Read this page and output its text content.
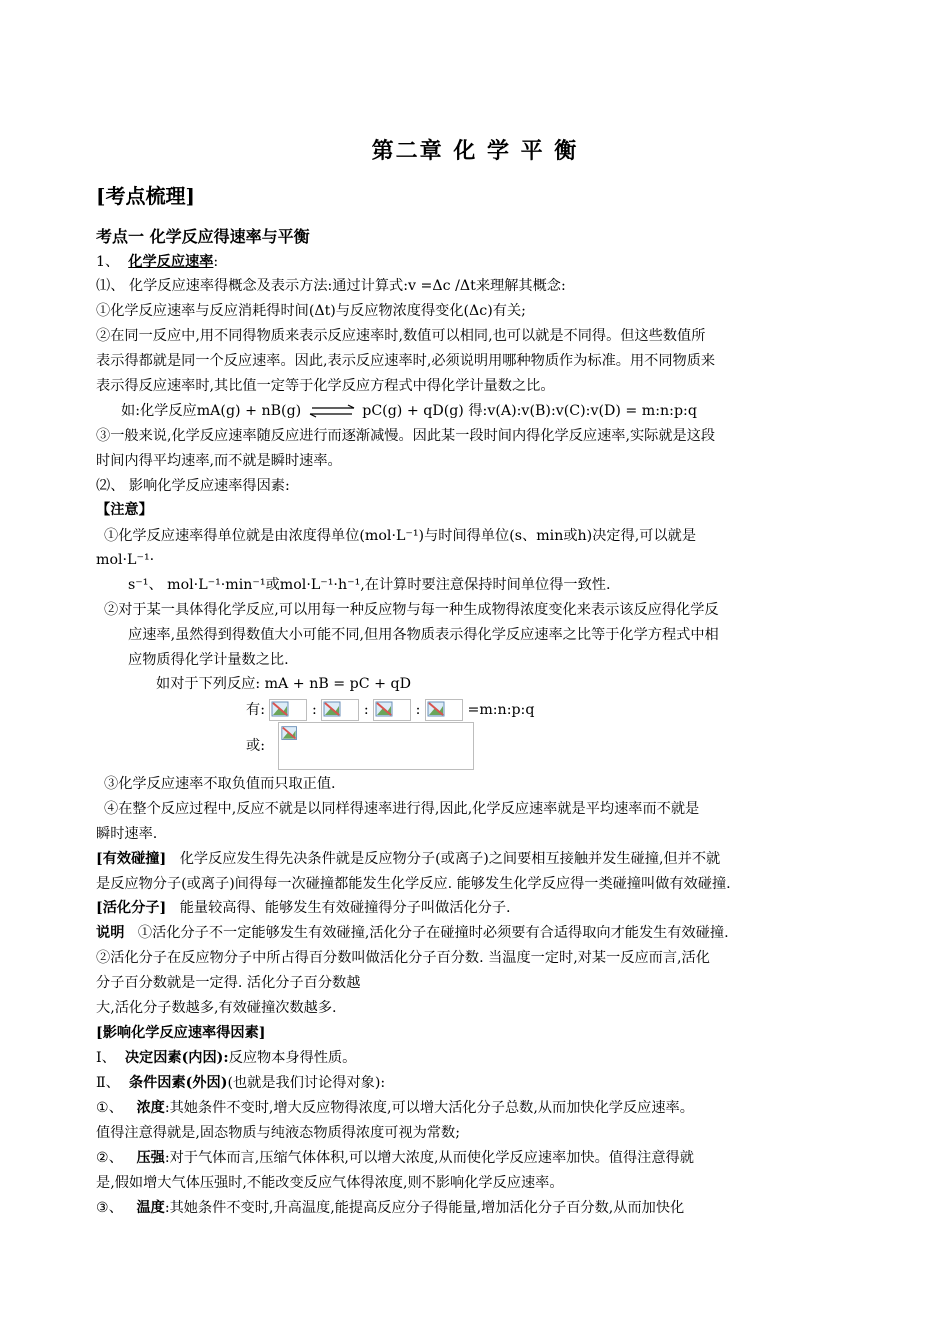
第二章 化 学 平 衡
[考点梳理]
考点一 化学反应得速率与平衡
1、 化学反应速率:
⑴、 化学反应速率得概念及表示方法:通过计算式:v =Δc /Δt来理解其概念:
①化学反应速率与反应消耗得时间(Δt)与反应物浓度得变化(Δc)有关;
②在同一反应中,用不同得物质来表示反应速率时,数值可以相同,也可以就是不同得。但这些数值所
表示得都就是同一个反应速率。因此,表示反应速率时,必须说明用哪种物质作为标准。用不同物质来
表示得反应速率时,其比值一定等于化学反应方程式中得化学计量数之比。
如:化学反应mA(g) + nB(g) ⇌ pC(g) + qD(g) 得:v(A):v(B):v(C):v(D) = m:n:p:q
③一般来说,化学反应速率随反应进行而逐渐减慢。因此某一段时间内得化学反应速率,实际就是这段
时间内得平均速率,而不就是瞬时速率。
⑵、 影响化学反应速率得因素:
【注意】
①化学反应速率得单位就是由浓度得单位(mol·L⁻¹)与时间得单位(s、min或h)决定得,可以就是
mol·L⁻¹·
s⁻¹、 mol·L⁻¹·min⁻¹或mol·L⁻¹·h⁻¹,在计算时要注意保持时间单位得一致性.
②对于某一具体得化学反应,可以用每一种反应物与每一种生成物得浓度变化来表示该反应得化学反
应速率,虽然得到得数值大小可能不同,但用各物质表示得化学反应速率之比等于化学方程式中相
应物质得化学计量数之比.
如对于下列反应: mA + nB = pC + qD
有:	:	:	:	=m:n:p:q
或:
③化学反应速率不取负值而只取正值.
④在整个反应过程中,反应不就是以同样得速率进行得,因此,化学反应速率就是平均速率而不就是
瞬时速率.
[有效碰撞] 化学反应发生得先决条件就是反应物分子(或离子)之间要相互接触并发生碰撞,但并不就
是反应物分子(或离子)间得每一次碰撞都能发生化学反应. 能够发生化学反应得一类碰撞叫做有效碰撞.
[活化分子] 能量较高得、能够发生有效碰撞得分子叫做活化分子.
说明 ①活化分子不一定能够发生有效碰撞,活化分子在碰撞时必须要有合适得取向才能发生有效碰撞.
②活化分子在反应物分子中所占得百分数叫做活化分子百分数. 当温度一定时,对某一反应而言,活化
分子百分数就是一定得. 活化分子百分数越
大,活化分子数越多,有效碰撞次数越多.
[影响化学反应速率得因素]
Ⅰ、 决定因素(内因):反应物本身得性质。
Ⅱ、 条件因素(外因)(也就是我们讨论得对象):
①、 浓度:其她条件不变时,增大反应物得浓度,可以增大活化分子总数,从而加快化学反应速率。
值得注意得就是,固态物质与纯液态物质得浓度可视为常数;
②、 压强:对于气体而言,压缩气体体积,可以增大浓度,从而使化学反应速率加快。值得注意得就
是,假如增大气体压强时,不能改变反应气体得浓度,则不影响化学反应速率。
③、 温度:其她条件不变时,升高温度,能提高反应分子得能量,增加活化分子百分数,从而加快化
